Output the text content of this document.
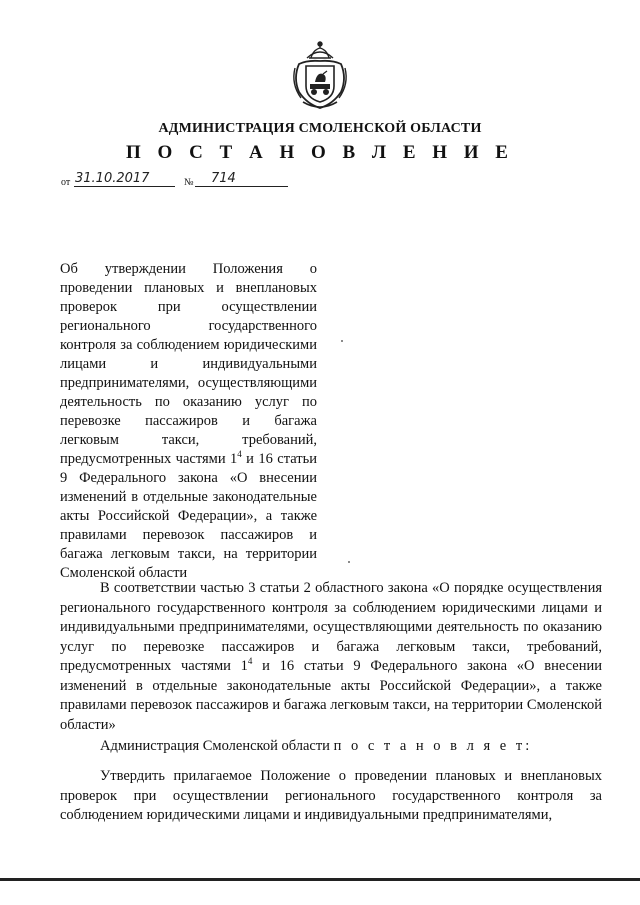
АДМИНИСТРАЦИЯ СМОЛЕНСКОЙ ОБЛАСТИ
П О С Т А Н О В Л Е Н И Е
от 31.10.2017	№ 714
Об утверждении Положения о проведении плановых и внеплановых проверок при осуществлении регионального государственного контроля за соблюдением юридическими лицами и индивидуальными предпринимателями, осуществляющими деятельность по оказанию услуг по перевозке пассажиров и багажа легковым такси, требований, предусмотренных частями $1^4$ и 16 статьи 9 Федерального закона «О внесении изменений в отдельные законодательные акты Российской Федерации», а также правилами перевозок пассажиров и багажа легковым такси, на территории Смоленской области

В соответствии частью 3 статьи 2 областного закона «О порядке осуществления регионального государственного контроля за соблюдением юридическими лицами и индивидуальными предпринимателями, осуществляющими деятельность по оказанию услуг по перевозке пассажиров и багажа легковым такси, требований, предусмотренных частями $1^4$ и 16 статьи 9 Федерального закона «О внесении изменений в отдельные законодательные акты Российской Федерации», а также правилами перевозок пассажиров и багажа легковым такси, на территории Смоленской области»

Администрация Смоленской области п о с т а н о в л я е т:

Утвердить прилагаемое Положение о проведении плановых и внеплановых проверок при осуществлении регионального государственного контроля за соблюдением юридическими лицами и индивидуальными предпринимателями,
